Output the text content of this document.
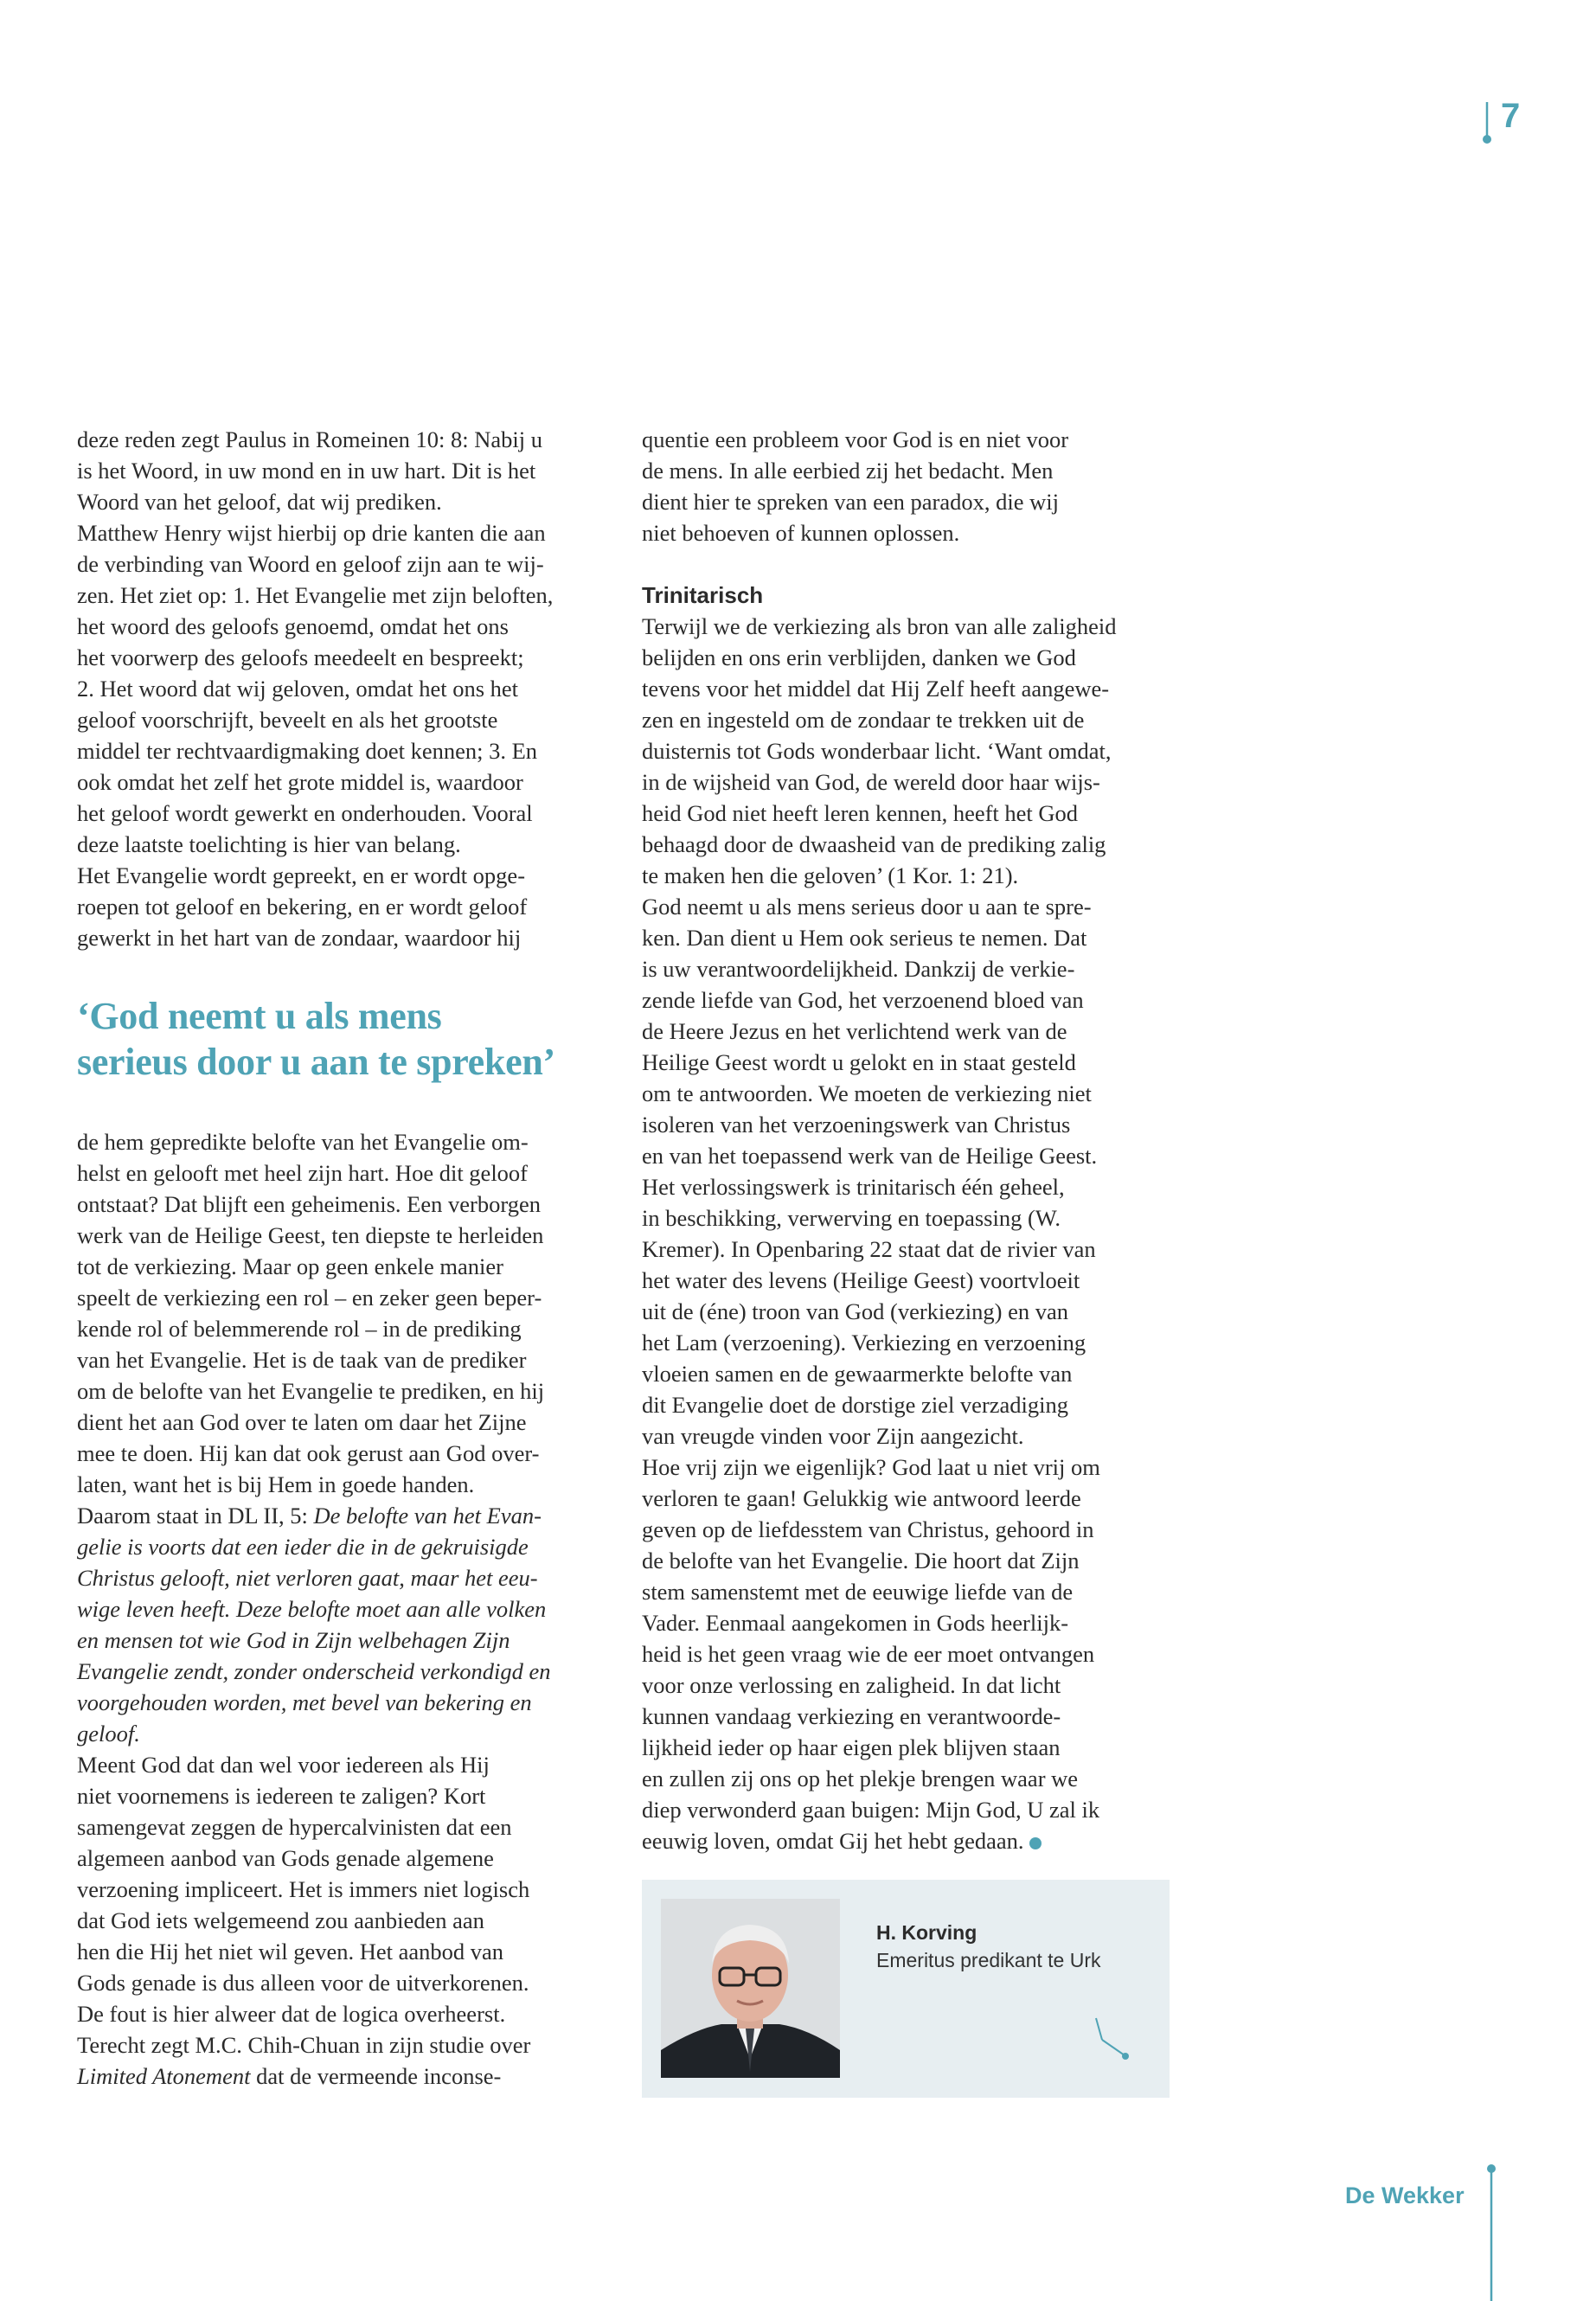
7

deze reden zegt Paulus in Romeinen 10: 8: Nabij u

is het Woord, in uw mond en in uw hart. Dit is het

Woord van het geloof, dat wij prediken.

Matthew Henry wijst hierbij op drie kanten die aan

de verbinding van Woord en geloof zijn aan te wij-

zen. Het ziet op: 1. Het Evangelie met zijn beloften,

het woord des geloofs genoemd, omdat het ons

het voorwerp des geloofs meedeelt en bespreekt;

2. Het woord dat wij geloven, omdat het ons het

geloof voorschrijft, beveelt en als het grootste

middel ter rechtvaardigmaking doet kennen; 3. En

ook omdat het zelf het grote middel is, waardoor

het geloof wordt gewerkt en onderhouden. Vooral

deze laatste toelichting is hier van belang.

Het Evangelie wordt gepreekt, en er wordt opge-

roepen tot geloof en bekering, en er wordt geloof

gewerkt in het hart van de zondaar, waardoor hij

‘God neemt u als mens
serieus door u aan te spreken’

de hem gepredikte belofte van het Evangelie om-

helst en gelooft met heel zijn hart. Hoe dit geloof

ontstaat? Dat blijft een geheimenis. Een verborgen

werk van de Heilige Geest, ten diepste te herleiden

tot de verkiezing. Maar op geen enkele manier

speelt de verkiezing een rol – en zeker geen beper-

kende rol of belemmerende rol – in de prediking

van het Evangelie. Het is de taak van de prediker

om de belofte van het Evangelie te prediken, en hij

dient het aan God over te laten om daar het Zijne

mee te doen. Hij kan dat ook gerust aan God over-

laten, want het is bij Hem in goede handen.

Daarom staat in DL II, 5: De belofte van het Evan-

gelie is voorts dat een ieder die in de gekruisigde

Christus gelooft, niet verloren gaat, maar het eeu-

wige leven heeft. Deze belofte moet aan alle volken

en mensen tot wie God in Zijn welbehagen Zijn

Evangelie zendt, zonder onderscheid verkondigd en

voorgehouden worden, met bevel van bekering en

geloof.

Meent God dat dan wel voor iedereen als Hij

niet voornemens is iedereen te zaligen? Kort

samengevat zeggen de hypercalvinisten dat een

algemeen aanbod van Gods genade algemene

verzoening impliceert. Het is immers niet logisch

dat God iets welgemeend zou aanbieden aan

hen die Hij het niet wil geven. Het aanbod van

Gods genade is dus alleen voor de uitverkorenen.

De fout is hier alweer dat de logica overheerst.

Terecht zegt M.C. Chih-Chuan in zijn studie over

Limited Atonement dat de vermeende inconse-

quentie een probleem voor God is en niet voor

de mens. In alle eerbied zij het bedacht. Men

dient hier te spreken van een paradox, die wij

niet behoeven of kunnen oplossen.

Trinitarisch

Terwijl we de verkiezing als bron van alle zaligheid

belijden en ons erin verblijden, danken we God

tevens voor het middel dat Hij Zelf heeft aangewe-

zen en ingesteld om de zondaar te trekken uit de

duisternis tot Gods wonderbaar licht. ‘Want omdat,

in de wijsheid van God, de wereld door haar wijs-

heid God niet heeft leren kennen, heeft het God

behaagd door de dwaasheid van de prediking zalig

te maken hen die geloven’ (1 Kor. 1: 21).

God neemt u als mens serieus door u aan te spre-

ken. Dan dient u Hem ook serieus te nemen. Dat

is uw verantwoordelijkheid. Dankzij de verkie-

zende liefde van God, het verzoenend bloed van

de Heere Jezus en het verlichtend werk van de

Heilige Geest wordt u gelokt en in staat gesteld

om te antwoorden. We moeten de verkiezing niet

isoleren van het verzoeningswerk van Christus

en van het toepassend werk van de Heilige Geest.

Het verlossingswerk is trinitarisch één geheel,

in beschikking, verwerving en toepassing (W.

Kremer). In Openbaring 22 staat dat de rivier van

het water des levens (Heilige Geest) voortvloeit

uit de (éne) troon van God (verkiezing) en van

het Lam (verzoening). Verkiezing en verzoening

vloeien samen en de gewaarmerkte belofte van

dit Evangelie doet de dorstige ziel verzadiging

van vreugde vinden voor Zijn aangezicht.

Hoe vrij zijn we eigenlijk? God laat u niet vrij om

verloren te gaan! Gelukkig wie antwoord leerde

geven op de liefdesstem van Christus, gehoord in

de belofte van het Evangelie. Die hoort dat Zijn

stem samenstemt met de eeuwige liefde van de

Vader. Eenmaal aangekomen in Gods heerlijk-

heid is het geen vraag wie de eer moet ontvangen

voor onze verlossing en zaligheid. In dat licht

kunnen vandaag verkiezing en verantwoorde-

lijkheid ieder op haar eigen plek blijven staan

en zullen zij ons op het plekje brengen waar we

diep verwonderd gaan buigen: Mijn God, U zal ik

eeuwig loven, omdat Gij het hebt gedaan.

H. Korving
Emeritus predikant te Urk
De Wekker
